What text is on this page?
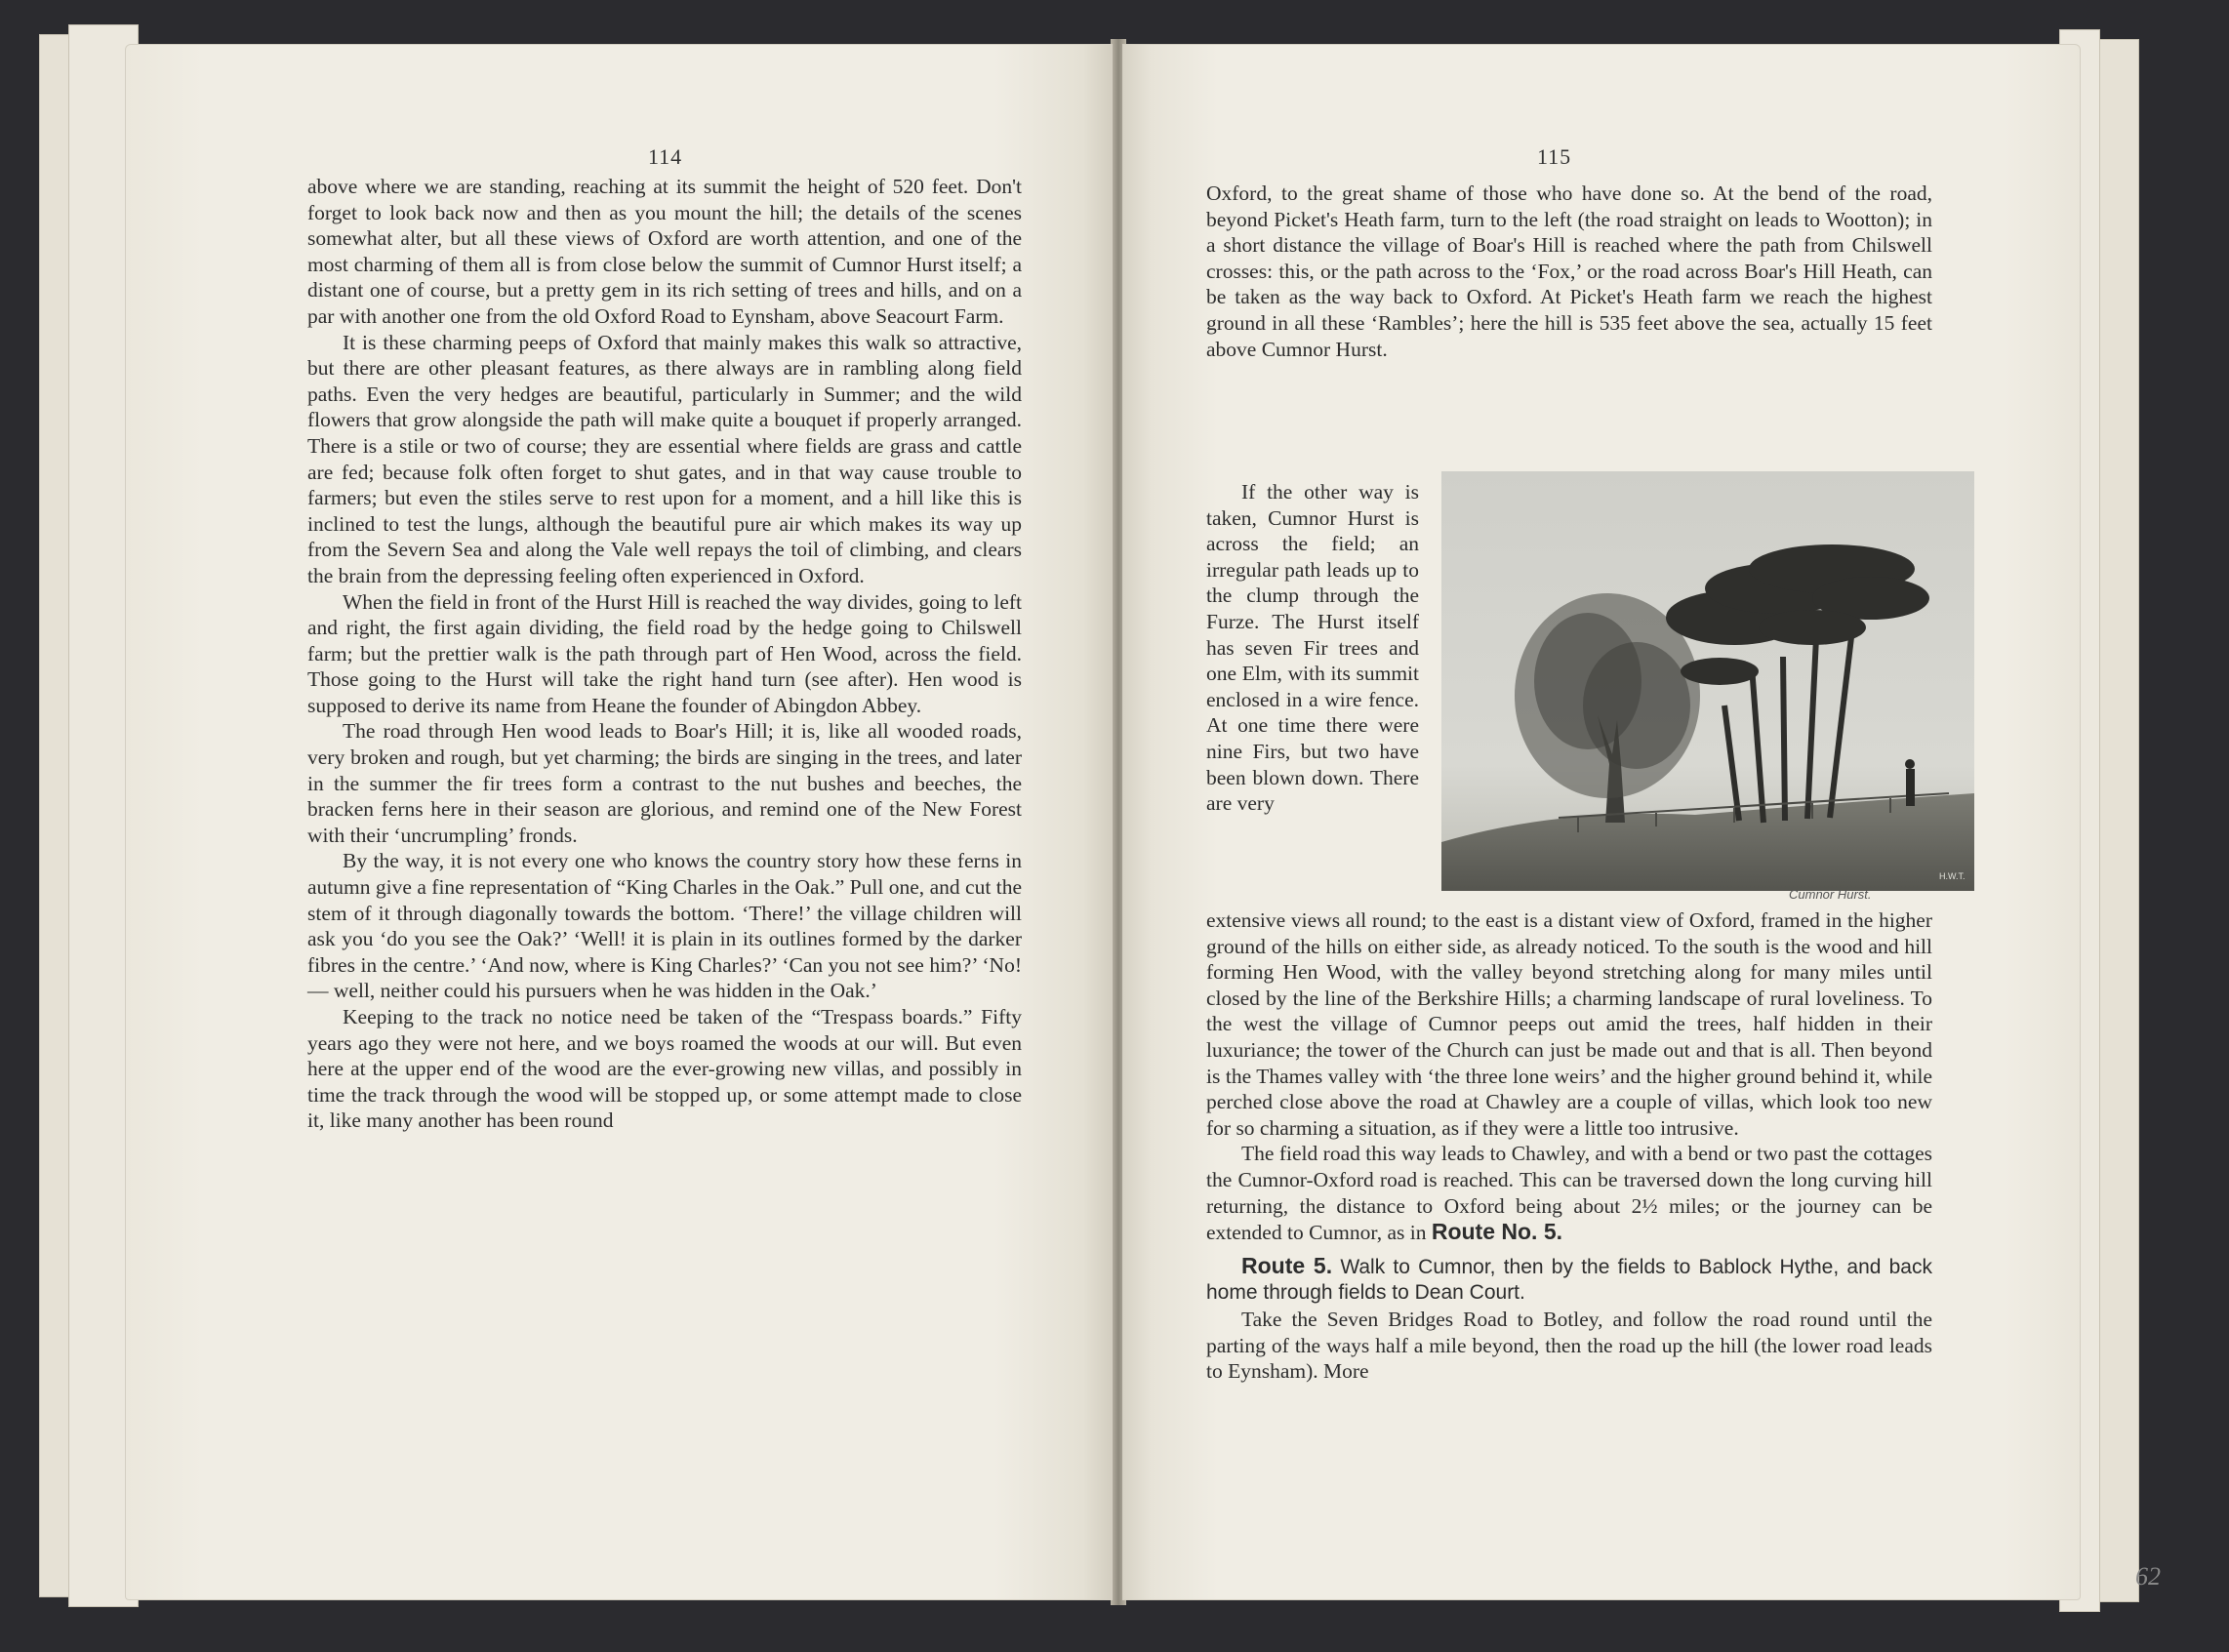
114

above where we are standing, reaching at its summit the height of 520 feet. Don't forget to look back now and then as you mount the hill; the details of the scenes somewhat alter, but all these views of Oxford are worth attention, and one of the most charming of them all is from close below the summit of Cumnor Hurst itself; a distant one of course, but a pretty gem in its rich setting of trees and hills, and on a par with another one from the old Oxford Road to Eynsham, above Seacourt Farm.

It is these charming peeps of Oxford that mainly makes this walk so attractive, but there are other pleasant features, as there always are in rambling along field paths. Even the very hedges are beautiful, particularly in Summer; and the wild flowers that grow alongside the path will make quite a bouquet if properly arranged. There is a stile or two of course; they are essential where fields are grass and cattle are fed; because folk often forget to shut gates, and in that way cause trouble to farmers; but even the stiles serve to rest upon for a moment, and a hill like this is inclined to test the lungs, although the beautiful pure air which makes its way up from the Severn Sea and along the Vale well repays the toil of climbing, and clears the brain from the depressing feeling often experienced in Oxford.

When the field in front of the Hurst Hill is reached the way divides, going to left and right, the first again dividing, the field road by the hedge going to Chilswell farm; but the prettier walk is the path through part of Hen Wood, across the field. Those going to the Hurst will take the right hand turn (see after). Hen wood is supposed to derive its name from Heane the founder of Abingdon Abbey.

The road through Hen wood leads to Boar's Hill; it is, like all wooded roads, very broken and rough, but yet charming; the birds are singing in the trees, and later in the summer the fir trees form a contrast to the nut bushes and beeches, the bracken ferns here in their season are glorious, and remind one of the New Forest with their ‘uncrumpling’ fronds.

By the way, it is not every one who knows the country story how these ferns in autumn give a fine representation of “King Charles in the Oak.” Pull one, and cut the stem of it through diagonally towards the bottom. ‘There!’ the village children will ask you ‘do you see the Oak?’ ‘Well! it is plain in its outlines formed by the darker fibres in the centre.’ ‘And now, where is King Charles?’ ‘Can you not see him?’ ‘No! — well, neither could his pursuers when he was hidden in the Oak.’

Keeping to the track no notice need be taken of the “Trespass boards.” Fifty years ago they were not here, and we boys roamed the woods at our will. But even here at the upper end of the wood are the ever-growing new villas, and possibly in time the track through the wood will be stopped up, or some attempt made to close it, like many another has been round

115

Oxford, to the great shame of those who have done so. At the bend of the road, beyond Picket's Heath farm, turn to the left (the road straight on leads to Wootton); in a short distance the village of Boar's Hill is reached where the path from Chilswell crosses: this, or the path across to the ‘Fox,’ or the road across Boar's Hill Heath, can be taken as the way back to Oxford. At Picket's Heath farm we reach the highest ground in all these ‘Rambles’; here the hill is 535 feet above the sea, actually 15 feet above Cumnor Hurst.

If the other way is taken, Cumnor Hurst is across the field; an irregular path leads up to the clump through the Furze. The Hurst itself has seven Fir trees and one Elm, with its summit enclosed in a wire fence. At one time there were nine Firs, but two have been blown down. There are very

H.W.T.
Cumnor Hurst.

extensive views all round; to the east is a distant view of Oxford, framed in the higher ground of the hills on either side, as already noticed. To the south is the wood and hill forming Hen Wood, with the valley beyond stretching along for many miles until closed by the line of the Berkshire Hills; a charming landscape of rural loveliness. To the west the village of Cumnor peeps out amid the trees, half hidden in their luxuriance; the tower of the Church can just be made out and that is all. Then beyond is the Thames valley with ‘the three lone weirs’ and the higher ground behind it, while perched close above the road at Chawley are a couple of villas, which look too new for so charming a situation, as if they were a little too intrusive.

The field road this way leads to Chawley, and with a bend or two past the cottages the Cumnor-Oxford road is reached. This can be traversed down the long curving hill returning, the distance to Oxford being about 2½ miles; or the journey can be extended to Cumnor, as in Route No. 5.

Route 5. Walk to Cumnor, then by the fields to Bablock Hythe, and back home through fields to Dean Court.

Take the Seven Bridges Road to Botley, and follow the road round until the parting of the ways half a mile beyond, then the road up the hill (the lower road leads to Eynsham). More

62
